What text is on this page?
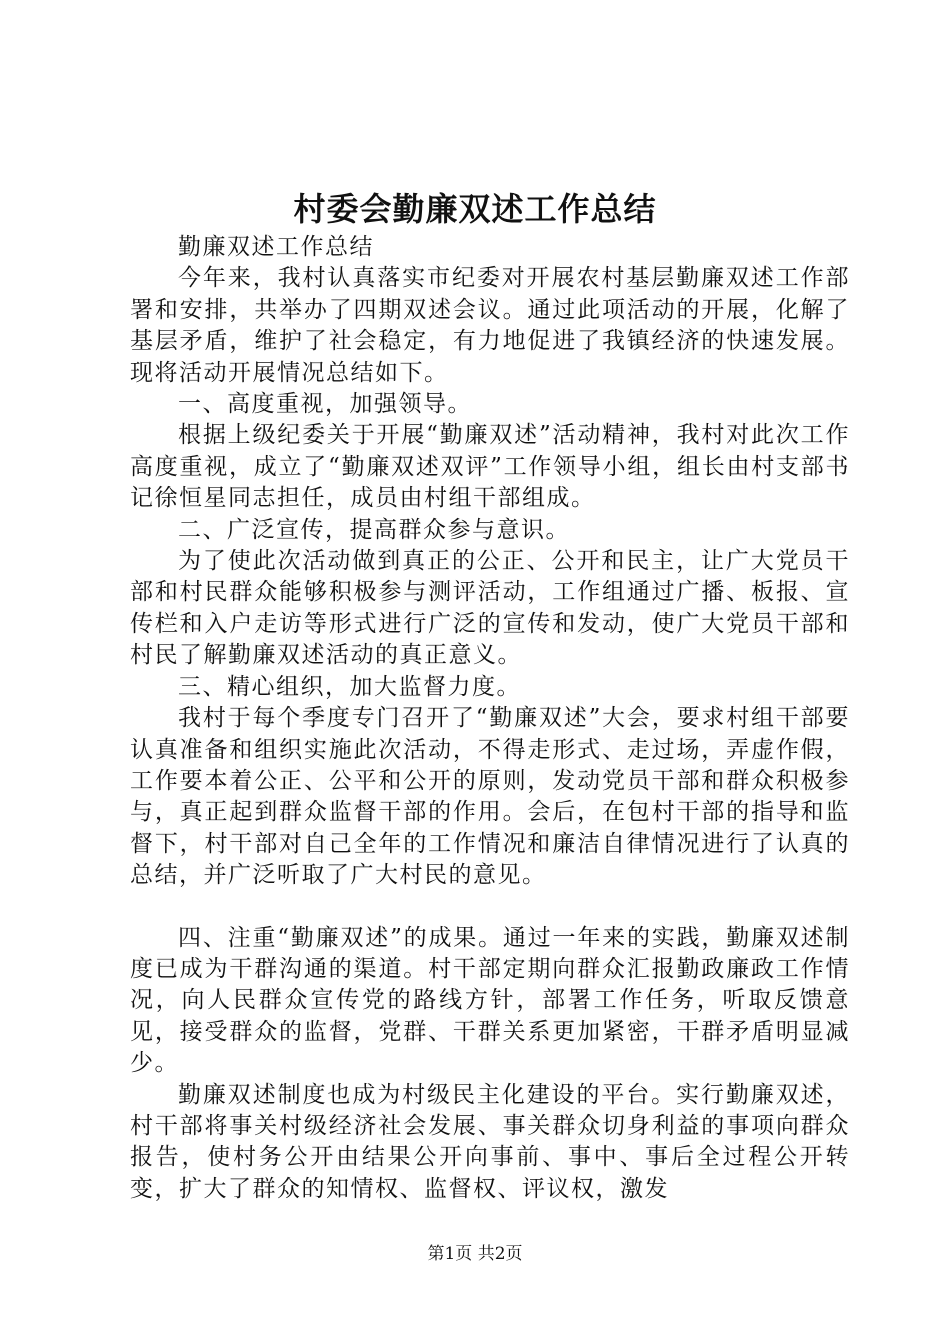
村委会勤廉双述工作总结

勤廉双述工作总结

今年来，我村认真落实市纪委对开展农村基层勤廉双述工作部署和安排，共举办了四期双述会议。通过此项活动的开展，化解了基层矛盾，维护了社会稳定，有力地促进了我镇经济的快速发展。现将活动开展情况总结如下。

一、高度重视，加强领导。

根据上级纪委关于开展“勤廉双述”活动精神，我村对此次工作高度重视，成立了“勤廉双述双评”工作领导小组，组长由村支部书记徐恒星同志担任，成员由村组干部组成。

二、广泛宣传，提高群众参与意识。

为了使此次活动做到真正的公正、公开和民主，让广大党员干部和村民群众能够积极参与测评活动，工作组通过广播、板报、宣传栏和入户走访等形式进行广泛的宣传和发动，使广大党员干部和村民了解勤廉双述活动的真正意义。

三、精心组织，加大监督力度。

我村于每个季度专门召开了“勤廉双述”大会，要求村组干部要认真准备和组织实施此次活动，不得走形式、走过场，弄虚作假，工作要本着公正、公平和公开的原则，发动党员干部和群众积极参与，真正起到群众监督干部的作用。会后，在包村干部的指导和监督下，村干部对自己全年的工作情况和廉洁自律情况进行了认真的总结，并广泛听取了广大村民的意见。

四、注重“勤廉双述”的成果。通过一年来的实践，勤廉双述制度已成为干群沟通的渠道。村干部定期向群众汇报勤政廉政工作情况，向人民群众宣传党的路线方针，部署工作任务，听取反馈意见，接受群众的监督，党群、干群关系更加紧密，干群矛盾明显减少。

勤廉双述制度也成为村级民主化建设的平台。实行勤廉双述，村干部将事关村级经济社会发展、事关群众切身利益的事项向群众报告，使村务公开由结果公开向事前、事中、事后全过程公开转变，扩大了群众的知情权、监督权、评议权，激发

第1页 共2页
